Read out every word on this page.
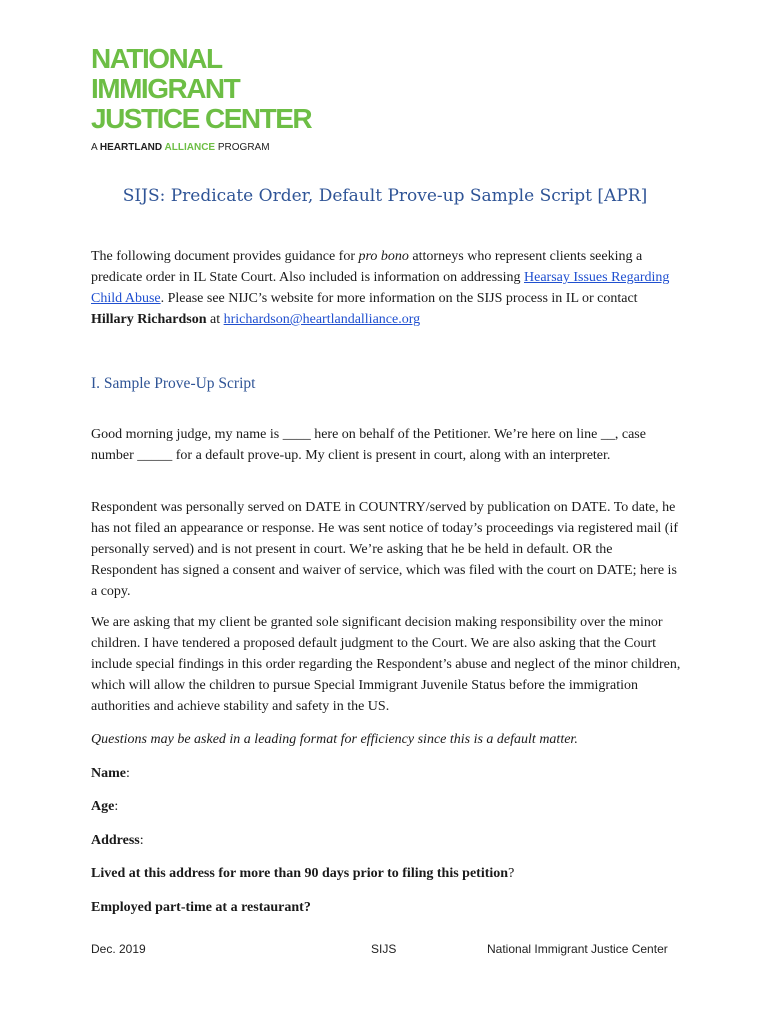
NATIONAL
IMMIGRANT
JUSTICE CENTER
A HEARTLAND ALLIANCE PROGRAM
SIJS: Predicate Order, Default Prove-up Sample Script [APR]
The following document provides guidance for pro bono attorneys who represent clients seeking a predicate order in IL State Court. Also included is information on addressing Hearsay Issues Regarding Child Abuse. Please see NIJC’s website for more information on the SIJS process in IL or contact Hillary Richardson at hrichardson@heartlandalliance.org
I. Sample Prove-Up Script
Good morning judge, my name is ____ here on behalf of the Petitioner. We’re here on line __, case number _____ for a default prove-up. My client is present in court, along with an interpreter.
Respondent was personally served on DATE in COUNTRY/served by publication on DATE. To date, he has not filed an appearance or response. He was sent notice of today’s proceedings via registered mail (if personally served) and is not present in court. We’re asking that he be held in default. OR the Respondent has signed a consent and waiver of service, which was filed with the court on DATE; here is a copy.
We are asking that my client be granted sole significant decision making responsibility over the minor children. I have tendered a proposed default judgment to the Court. We are also asking that the Court include special findings in this order regarding the Respondent’s abuse and neglect of the minor children, which will allow the children to pursue Special Immigrant Juvenile Status before the immigration authorities and achieve stability and safety in the US.
Questions may be asked in a leading format for efficiency since this is a default matter.
Name:
Age:
Address:
Lived at this address for more than 90 days prior to filing this petition?
Employed part-time at a restaurant?
Dec. 2019	SIJS	National Immigrant Justice Center
